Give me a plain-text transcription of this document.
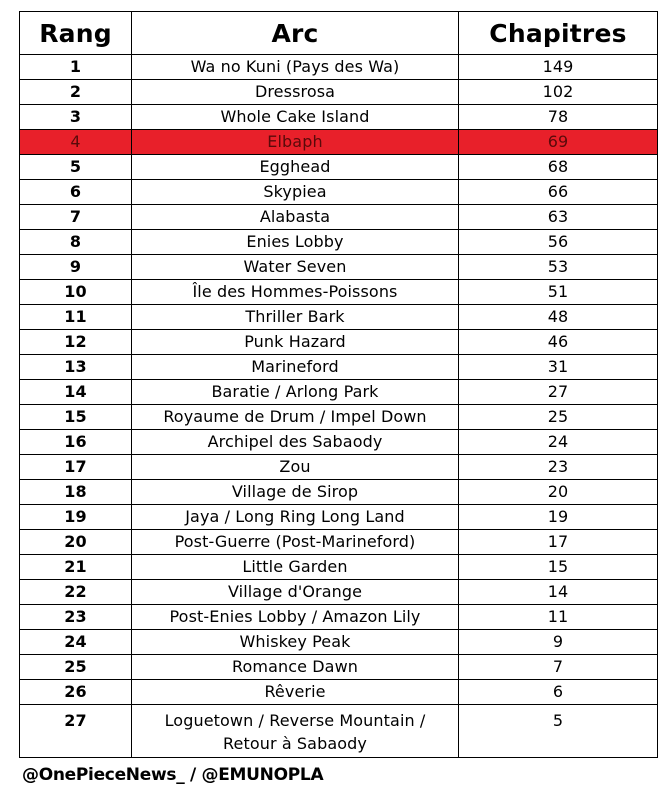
Rang	Arc	Chapitres
1	Wa no Kuni (Pays des Wa)	149
2	Dressrosa	102
3	Whole Cake Island	78
4	Elbaph	69
5	Egghead	68
6	Skypiea	66
7	Alabasta	63
8	Enies Lobby	56
9	Water Seven	53
10	Île des Hommes-Poissons	51
11	Thriller Bark	48
12	Punk Hazard	46
13	Marineford	31
14	Baratie / Arlong Park	27
15	Royaume de Drum / Impel Down	25
16	Archipel des Sabaody	24
17	Zou	23
18	Village de Sirop	20
19	Jaya / Long Ring Long Land	19
20	Post-Guerre (Post-Marineford)	17
21	Little Garden	15
22	Village d'Orange	14
23	Post-Enies Lobby / Amazon Lily	11
24	Whiskey Peak	9
25	Romance Dawn	7
26	Rêverie	6
27	Loguetown / Reverse Mountain /
Retour à Sabaody	5
@OnePieceNews_ / @EMUNOPLA
